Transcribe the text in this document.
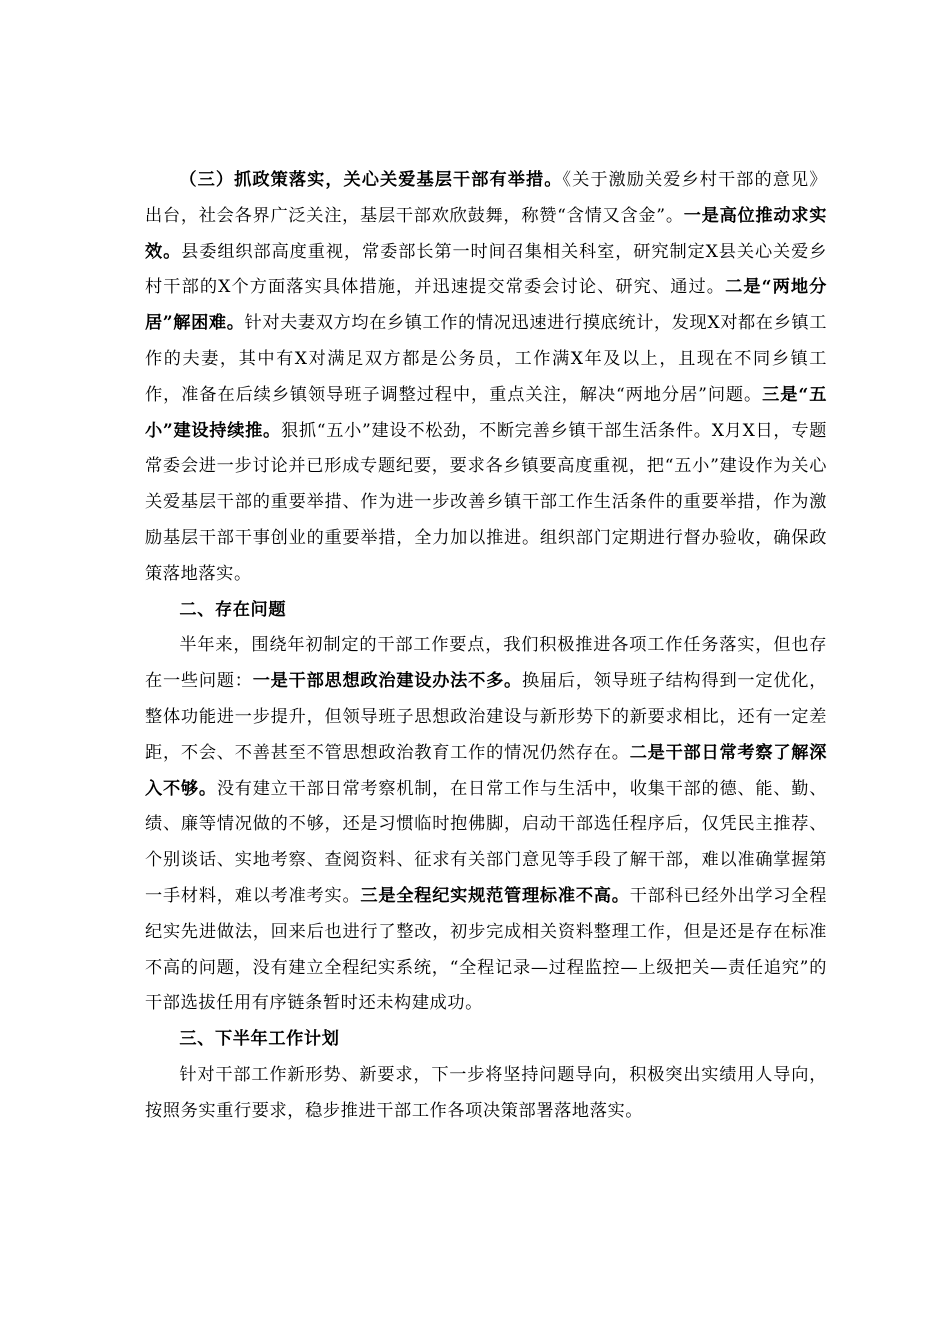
（三）抓政策落实，关心关爱基层干部有举措。《关于激励关爱乡村干部的意见》出台，社会各界广泛关注，基层干部欢欣鼓舞，称赞“含情又含金”。一是高位推动求实效。县委组织部高度重视，常委部长第一时间召集相关科室，研究制定X县关心关爱乡村干部的X个方面落实具体措施，并迅速提交常委会讨论、研究、通过。二是“两地分居”解困难。针对夫妻双方均在乡镇工作的情况迅速进行摸底统计，发现X对都在乡镇工作的夫妻，其中有X对满足双方都是公务员，工作满X年及以上，且现在不同乡镇工作，准备在后续乡镇领导班子调整过程中，重点关注，解决“两地分居”问题。三是“五小”建设持续推。狠抓“五小”建设不松劲，不断完善乡镇干部生活条件。X月X日，专题常委会进一步讨论并已形成专题纪要，要求各乡镇要高度重视，把“五小”建设作为关心关爱基层干部的重要举措、作为进一步改善乡镇干部工作生活条件的重要举措，作为激励基层干部干事创业的重要举措，全力加以推进。组织部门定期进行督办验收，确保政策落地落实。

二、存在问题

半年来，围绕年初制定的干部工作要点，我们积极推进各项工作任务落实，但也存在一些问题：一是干部思想政治建设办法不多。换届后，领导班子结构得到一定优化，整体功能进一步提升，但领导班子思想政治建设与新形势下的新要求相比，还有一定差距，不会、不善甚至不管思想政治教育工作的情况仍然存在。二是干部日常考察了解深入不够。没有建立干部日常考察机制，在日常工作与生活中，收集干部的德、能、勤、绩、廉等情况做的不够，还是习惯临时抱佛脚，启动干部选任程序后，仅凭民主推荐、个别谈话、实地考察、查阅资料、征求有关部门意见等手段了解干部，难以准确掌握第一手材料，难以考准考实。三是全程纪实规范管理标准不高。干部科已经外出学习全程纪实先进做法，回来后也进行了整改，初步完成相关资料整理工作，但是还是存在标准不高的问题，没有建立全程纪实系统，“全程记录—过程监控—上级把关—责任追究”的干部选拔任用有序链条暂时还未构建成功。

三、下半年工作计划

针对干部工作新形势、新要求，下一步将坚持问题导向，积极突出实绩用人导向，按照务实重行要求，稳步推进干部工作各项决策部署落地落实。
